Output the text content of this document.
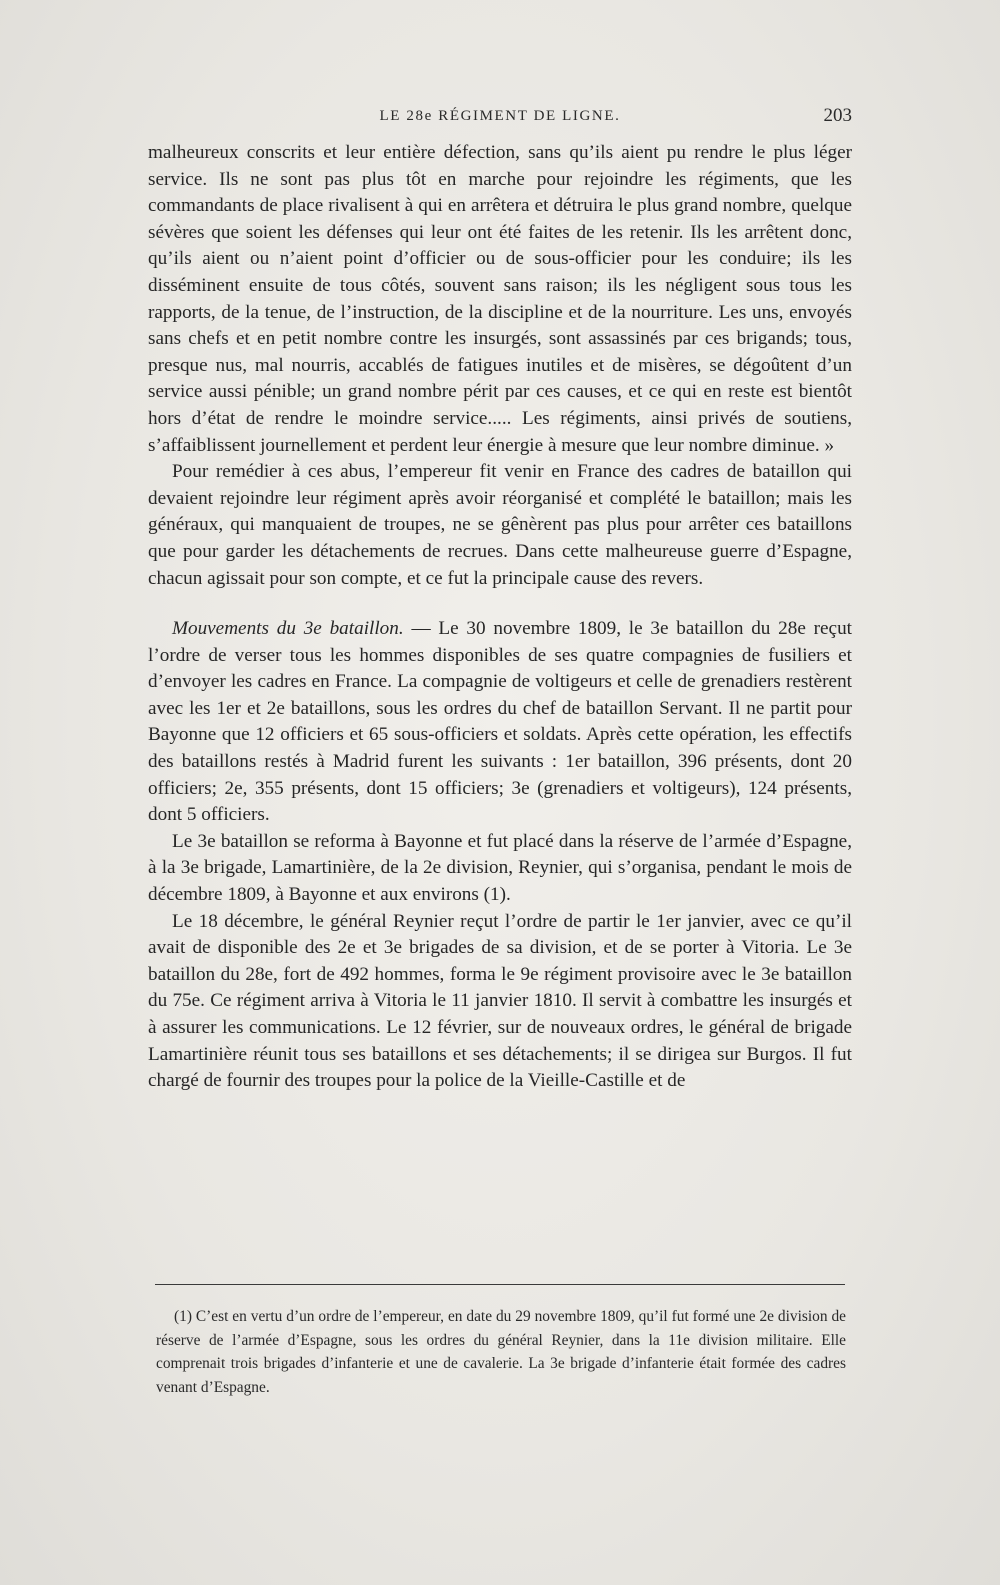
LE 28e RÉGIMENT DE LIGNE.	203

malheureux conscrits et leur entière défection, sans qu’ils aient pu rendre le plus léger service. Ils ne sont pas plus tôt en marche pour rejoindre les régiments, que les commandants de place rivalisent à qui en arrêtera et détruira le plus grand nombre, quelque sévères que soient les défenses qui leur ont été faites de les retenir. Ils les arrêtent donc, qu’ils aient ou n’aient point d’officier ou de sous-officier pour les conduire; ils les disséminent ensuite de tous côtés, souvent sans raison; ils les négligent sous tous les rapports, de la tenue, de l’instruction, de la discipline et de la nourriture. Les uns, envoyés sans chefs et en petit nombre contre les insurgés, sont assassinés par ces brigands; tous, presque nus, mal nourris, accablés de fatigues inutiles et de misères, se dégoûtent d’un service aussi pénible; un grand nombre périt par ces causes, et ce qui en reste est bientôt hors d’état de rendre le moindre service..... Les régiments, ainsi privés de soutiens, s’affaiblissent journellement et perdent leur énergie à mesure que leur nombre diminue. »

Pour remédier à ces abus, l’empereur fit venir en France des cadres de bataillon qui devaient rejoindre leur régiment après avoir réorganisé et complété le bataillon; mais les généraux, qui manquaient de troupes, ne se gênèrent pas plus pour arrêter ces bataillons que pour garder les détachements de recrues. Dans cette malheureuse guerre d’Espagne, chacun agissait pour son compte, et ce fut la principale cause des revers.

Mouvements du 3e bataillon. — Le 30 novembre 1809, le 3e bataillon du 28e reçut l’ordre de verser tous les hommes disponibles de ses quatre compagnies de fusiliers et d’envoyer les cadres en France. La compagnie de voltigeurs et celle de grenadiers restèrent avec les 1er et 2e bataillons, sous les ordres du chef de bataillon Servant. Il ne partit pour Bayonne que 12 officiers et 65 sous-officiers et soldats. Après cette opération, les effectifs des bataillons restés à Madrid furent les suivants : 1er bataillon, 396 présents, dont 20 officiers; 2e, 355 présents, dont 15 officiers; 3e (grenadiers et voltigeurs), 124 présents, dont 5 officiers.

Le 3e bataillon se reforma à Bayonne et fut placé dans la réserve de l’armée d’Espagne, à la 3e brigade, Lamartinière, de la 2e division, Reynier, qui s’organisa, pendant le mois de décembre 1809, à Bayonne et aux environs (1).

Le 18 décembre, le général Reynier reçut l’ordre de partir le 1er janvier, avec ce qu’il avait de disponible des 2e et 3e brigades de sa division, et de se porter à Vitoria. Le 3e bataillon du 28e, fort de 492 hommes, forma le 9e régiment provisoire avec le 3e bataillon du 75e. Ce régiment arriva à Vitoria le 11 janvier 1810. Il servit à combattre les insurgés et à assurer les communications. Le 12 février, sur de nouveaux ordres, le général de brigade Lamartinière réunit tous ses bataillons et ses détachements; il se dirigea sur Burgos. Il fut chargé de fournir des troupes pour la police de la Vieille-Castille et de

(1) C’est en vertu d’un ordre de l’empereur, en date du 29 novembre 1809, qu’il fut formé une 2e division de réserve de l’armée d’Espagne, sous les ordres du général Reynier, dans la 11e division militaire. Elle comprenait trois brigades d’infanterie et une de cavalerie. La 3e brigade d’infanterie était formée des cadres venant d’Espagne.
